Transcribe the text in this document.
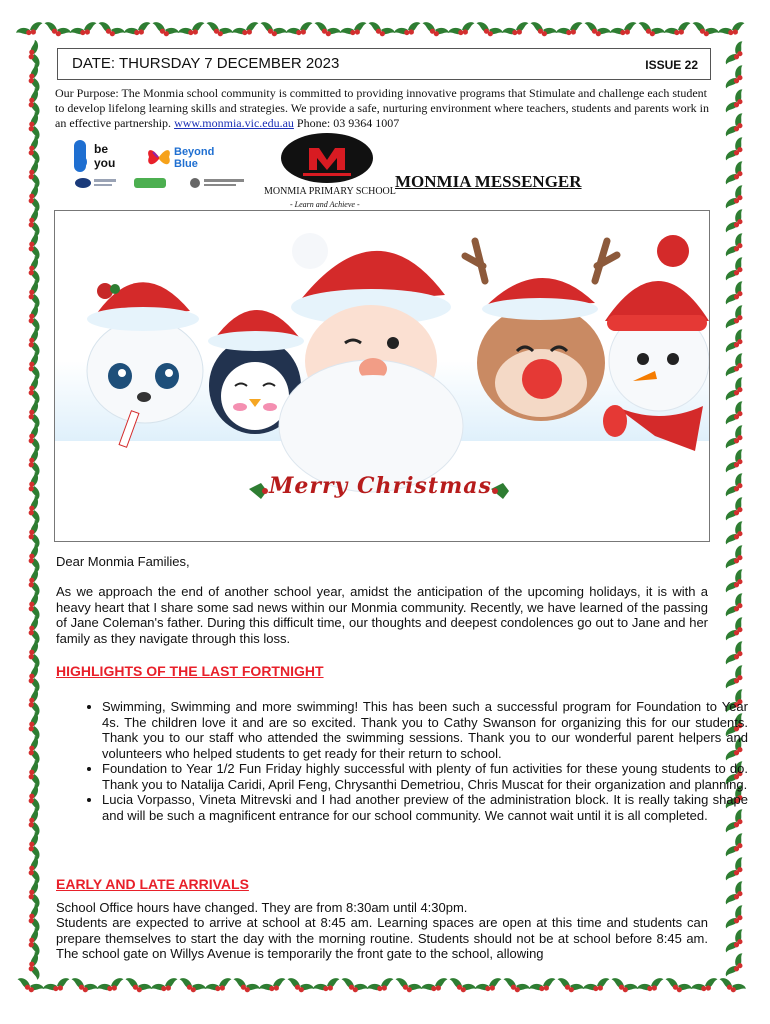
DATE: THURSDAY 7 DECEMBER 2023	ISSUE 22

Our Purpose: The Monmia school community is committed to providing innovative programs that Stimulate and challenge each student to develop lifelong learning skills and strategies. We provide a safe, nurturing environment where teachers, students and parents work in an effective partnership. www.monmia.vic.edu.au Phone: 03 9364 1007

be
you
Beyond
Blue
MONMIA PRIMARY SCHOOL
- Learn and Achieve -
MONMIA MESSENGER
Merry Christmas

Dear Monmia Families,

As we approach the end of another school year, amidst the anticipation of the upcoming holidays, it is with a heavy heart that I share some sad news within our Monmia community. Recently, we have learned of the passing of Jane Coleman's father. During this difficult time, our thoughts and deepest condolences go out to Jane and her family as they navigate through this loss.

HIGHLIGHTS OF THE LAST FORTNIGHT
• Swimming, Swimming and more swimming! This has been such a successful program for Foundation to Year 4s. The children love it and are so excited. Thank you to Cathy Swanson for organizing this for our students. Thank you to our staff who attended the swimming sessions. Thank you to our wonderful parent helpers and volunteers who helped students to get ready for their return to school.
• Foundation to Year 1/2 Fun Friday highly successful with plenty of fun activities for these young students to do. Thank you to Natalija Caridi, April Feng, Chrysanthi Demetriou, Chris Muscat for their organization and planning.
• Lucia Vorpasso, Vineta Mitrevski and I had another preview of the administration block. It is really taking shape and will be such a magnificent entrance for our school community. We cannot wait until it is all completed.
EARLY AND LATE ARRIVALS

School Office hours have changed. They are from 8:30am until 4:30pm.

Students are expected to arrive at school at 8:45 am. Learning spaces are open at this time and students can prepare themselves to start the day with the morning routine. Students should not be at school before 8:45 am. The school gate on Willys Avenue is temporarily the front gate to the school, allowing
